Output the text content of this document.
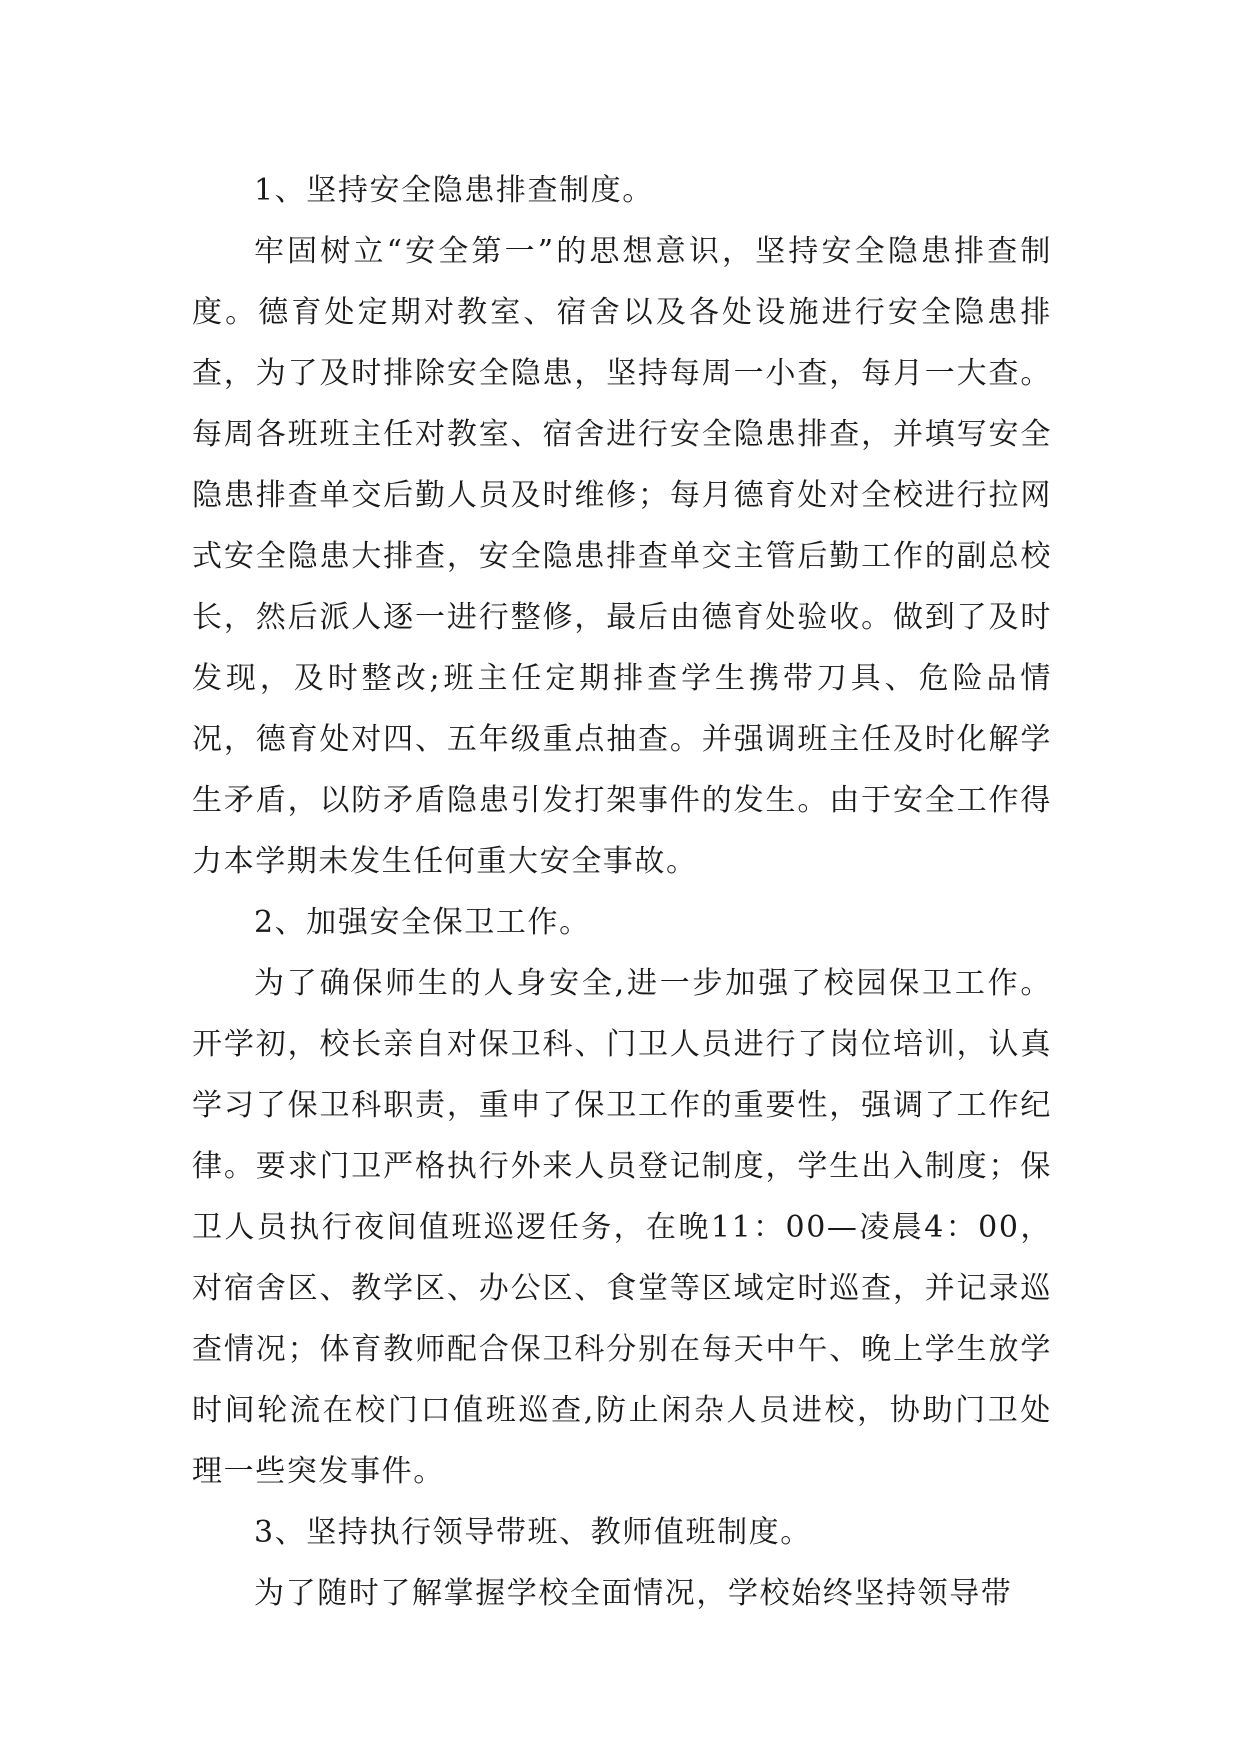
1、坚持安全隐患排查制度。

牢固树立“安全第一”的思想意识，坚持安全隐患排查制度。德育处定期对教室、宿舍以及各处设施进行安全隐患排查，为了及时排除安全隐患，坚持每周一小查，每月一大查。每周各班班主任对教室、宿舍进行安全隐患排查，并填写安全隐患排查单交后勤人员及时维修；每月德育处对全校进行拉网式安全隐患大排查，安全隐患排查单交主管后勤工作的副总校长，然后派人逐一进行整修，最后由德育处验收。做到了及时发现，及时整改;班主任定期排查学生携带刀具、危险品情况，德育处对四、五年级重点抽查。并强调班主任及时化解学生矛盾，以防矛盾隐患引发打架事件的发生。由于安全工作得力本学期未发生任何重大安全事故。

2、加强安全保卫工作。

为了确保师生的人身安全,进一步加强了校园保卫工作。开学初，校长亲自对保卫科、门卫人员进行了岗位培训，认真学习了保卫科职责，重申了保卫工作的重要性，强调了工作纪律。要求门卫严格执行外来人员登记制度，学生出入制度；保卫人员执行夜间值班巡逻任务，在晚11：00—凌晨4：00，对宿舍区、教学区、办公区、食堂等区域定时巡查，并记录巡查情况；体育教师配合保卫科分别在每天中午、晚上学生放学时间轮流在校门口值班巡查,防止闲杂人员进校，协助门卫处理一些突发事件。

3、坚持执行领导带班、教师值班制度。

为了随时了解掌握学校全面情况，学校始终坚持领导带
